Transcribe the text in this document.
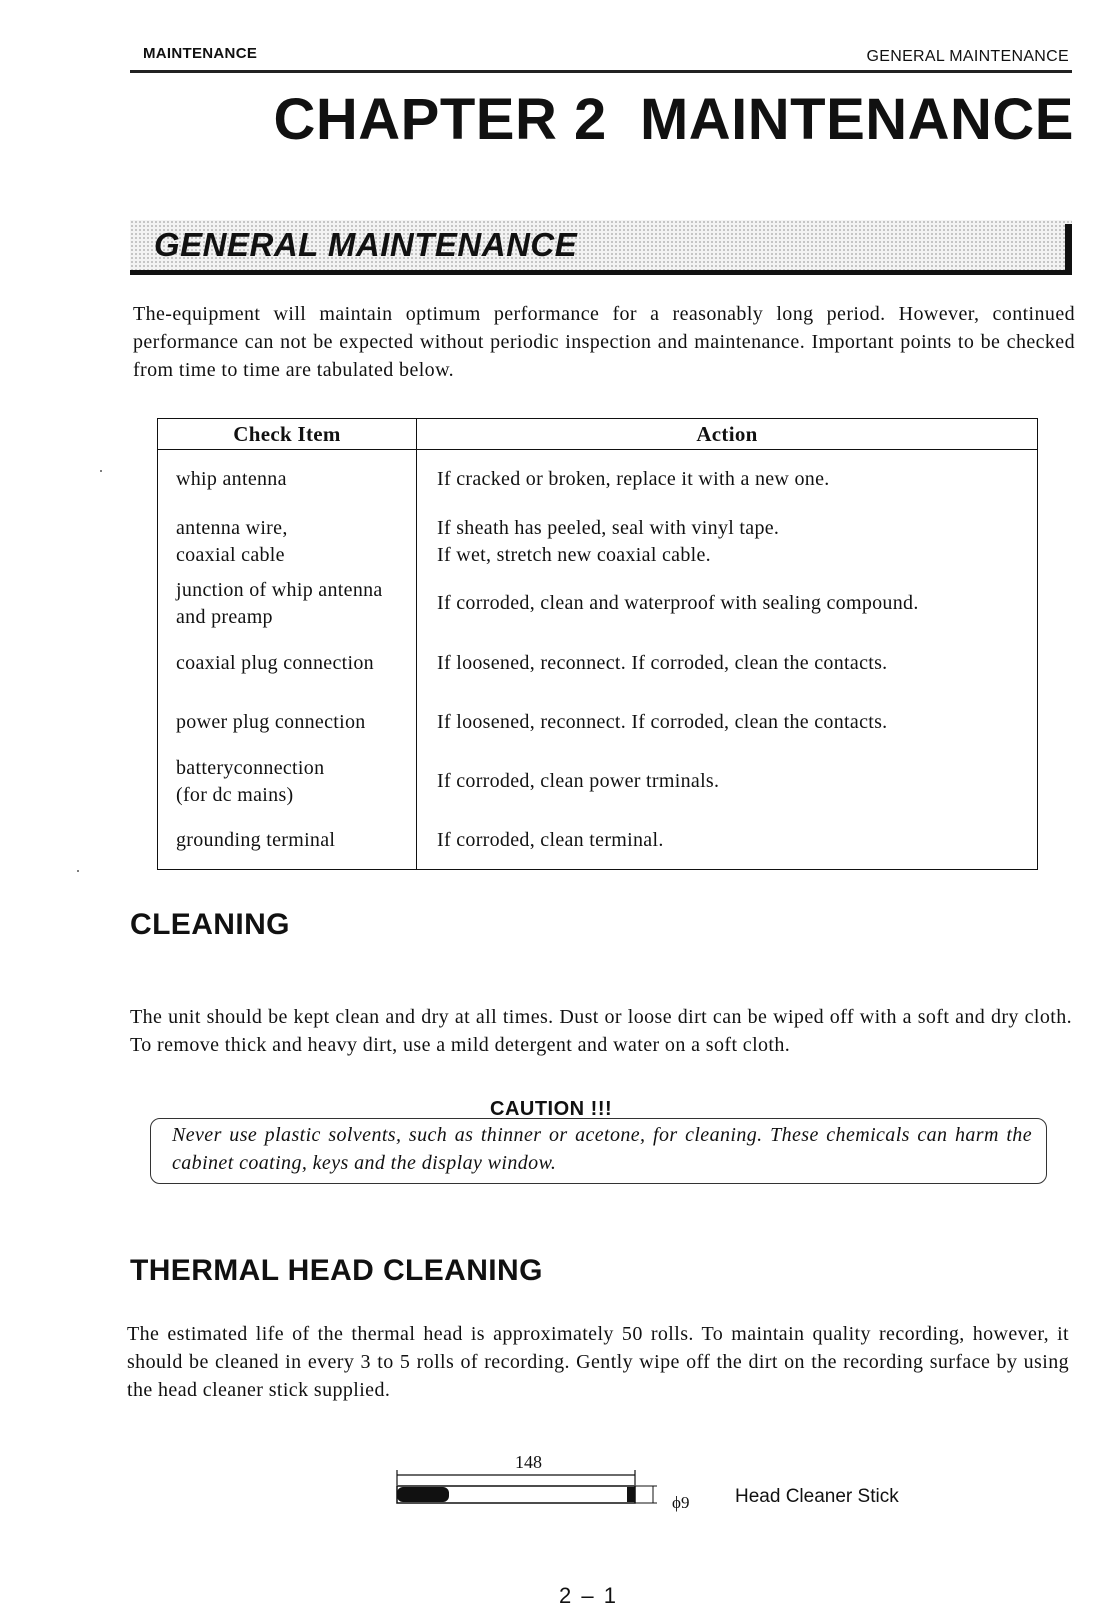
MAINTENANCE	GENERAL MAINTENANCE
CHAPTER 2  MAINTENANCE
GENERAL MAINTENANCE
The-equipment will maintain optimum performance for a reasonably long period. However, continued performance can not be expected without periodic inspection and maintenance. Important points to be checked from time to time are tabulated below.
Check Item	Action
whip antenna	If cracked or broken, replace it with a new one.
antenna wire,
coaxial cable	If sheath has peeled, seal with vinyl tape.
If wet, stretch new coaxial cable.
junction of whip antenna
and preamp	If corroded, clean and waterproof with sealing compound.
coaxial plug connection	If loosened, reconnect. If corroded, clean the contacts.
power plug connection	If loosened, reconnect. If corroded, clean the contacts.
batteryconnection
(for dc mains)	If corroded, clean power trminals.
grounding terminal	If corroded, clean terminal.
CLEANING
The unit should be kept clean and dry at all times. Dust or loose dirt can be wiped off with a soft and dry cloth. To remove thick and heavy dirt, use a mild detergent and water on a soft cloth.
CAUTION !!!
Never use plastic solvents, such as thinner or acetone, for cleaning. These chemicals can harm the cabinet coating, keys and the display window.
THERMAL HEAD CLEANING
The estimated life of the thermal head is approximately 50 rolls. To maintain quality recording, however, it should be cleaned in every 3 to 5 rolls of recording. Gently wipe off the dirt on the recording surface by using the head cleaner stick supplied.
148
ϕ9 Head Cleaner Stick
2 – 1
